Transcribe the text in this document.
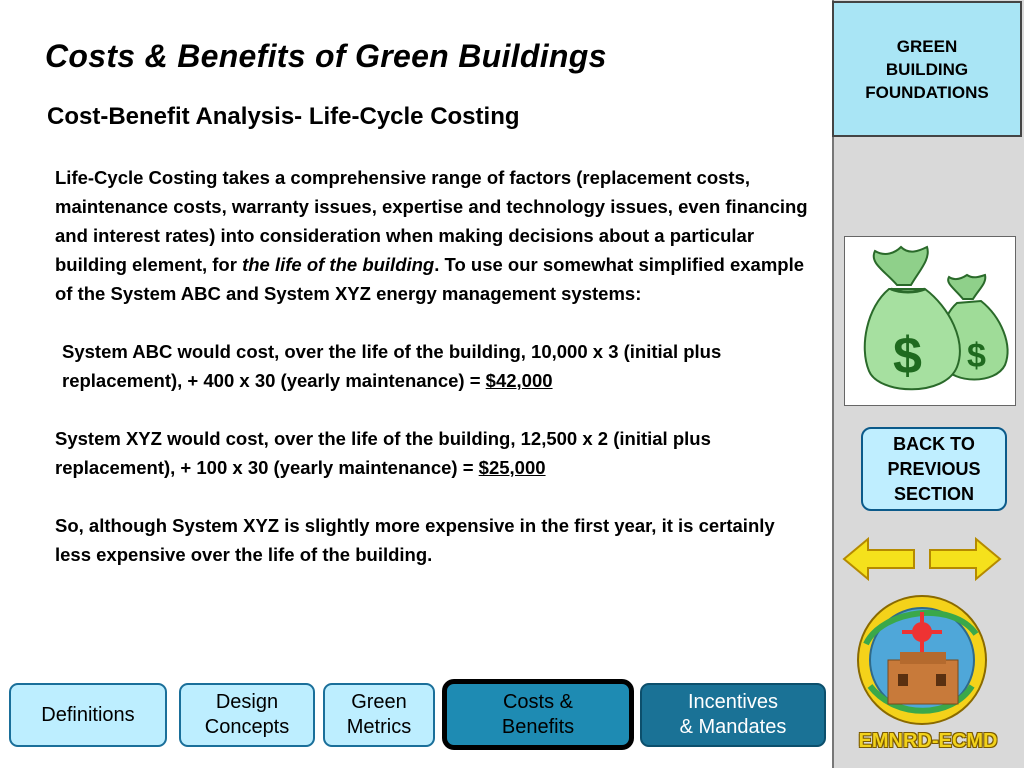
Costs & Benefits of Green Buildings
Cost-Benefit Analysis- Life-Cycle Costing

Life-Cycle Costing takes a comprehensive range of factors (replacement costs, maintenance costs, warranty issues, expertise and technology issues, even financing and interest rates) into consideration when making decisions about a particular building element, for the life of the building. To use our somewhat simplified example of the System ABC and System XYZ energy management systems:

System ABC would cost, over the life of the building, 10,000 x 3 (initial plus replacement), + 400 x 30 (yearly maintenance) = $42,000

System XYZ would cost, over the life of the building, 12,500 x 2 (initial plus replacement), + 100 x 30 (yearly maintenance) = $25,000

So, although System XYZ is slightly more expensive in the first year, it is certainly less expensive over the life of the building.

GREEN
BUILDING
FOUNDATIONS
$
$
BACK TO
PREVIOUS
SECTION
EMNRD-ECMD
Definitions
Design
Concepts
Green
Metrics
Costs &
Benefits
Incentives
& Mandates
